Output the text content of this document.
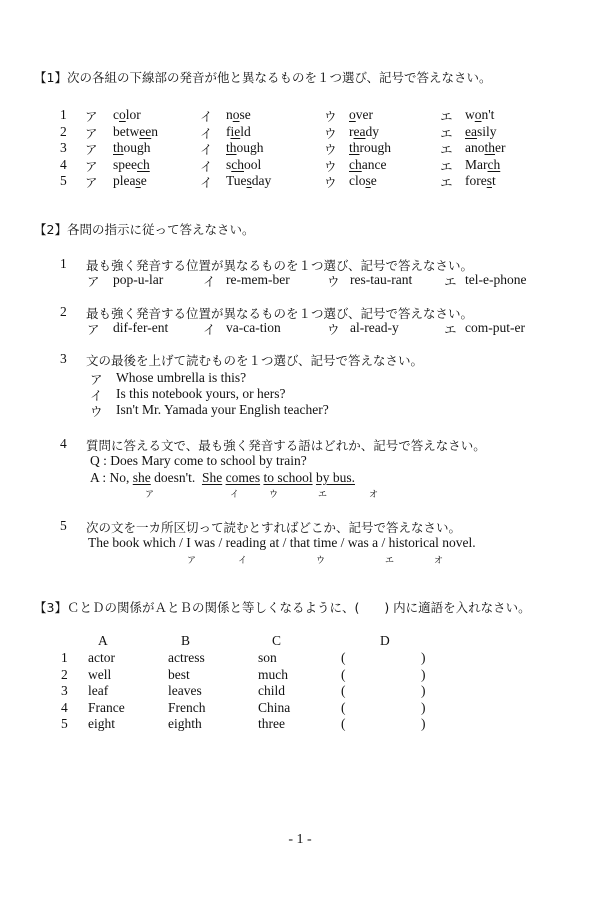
【1】次の各組の下線部の発音が他と異なるものを１つ選び、記号で答えなさい。
1 ア color	イ nose	ウ over	エ won't
2 ア between	イ field	ウ ready	エ easily
3 ア though	イ though	ウ through	エ another
4 ア speech	イ school	ウ chance	エ March
5 ア please	イ Tuesday	ウ close	エ forest
【2】各問の指示に従って答えなさい。
1 最も強く発音する位置が異なるものを１つ選び、記号で答えなさい。
ア pop-u-lar	イ re-mem-ber	ウ res-tau-rant	エ tel-e-phone
2 最も強く発音する位置が異なるものを１つ選び、記号で答えなさい。
ア dif-fer-ent	イ va-ca-tion	ウ al-read-y	エ com-put-er
3 文の最後を上げて読むものを１つ選び、記号で答えなさい。
ア Whose umbrella is this?
イ Is this notebook yours, or hers?
ウ Isn't Mr. Yamada your English teacher?
4 質問に答える文で、最も強く発音する語はどれか、記号で答えなさい。
Q : Does Mary come to school by train?
A : No, she doesn't. She comes to school by bus.
ア	イ	ウ	エ	オ
5 次の文を一カ所区切って読むとすればどこか、記号で答えなさい。
The book which / I was / reading at / that time / was a / historical novel.
ア	イ	ウ	エ	オ
【3】ＣとＤの関係がＡとＢの関係と等しくなるように、(　　) 内に適語を入れなさい。
A	B	C	D
1 actor	actress	son	(	)
2 well	best	much	(	)
3 leaf	leaves	child	(	)
4 France	French	China	(	)
5 eight	eighth	three	(	)
- 1 -
